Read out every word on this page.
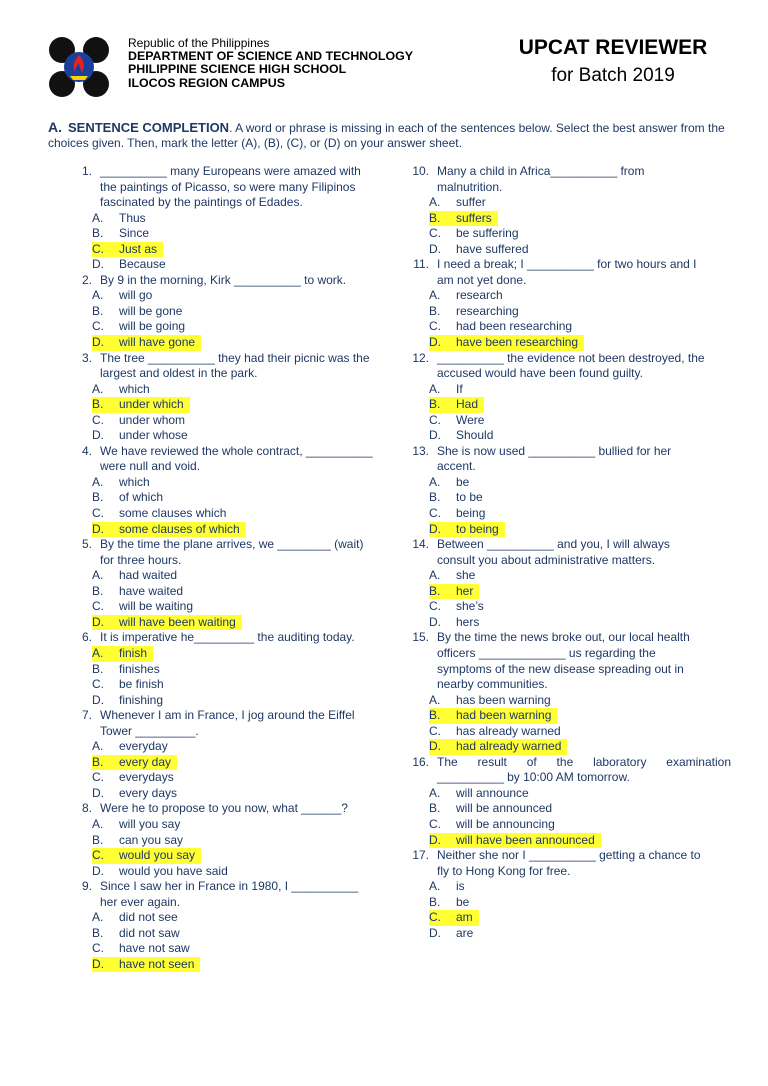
Republic of the Philippines
DEPARTMENT OF SCIENCE AND TECHNOLOGY
PHILIPPINE SCIENCE HIGH SCHOOL
ILOCOS REGION CAMPUS
UPCAT REVIEWER
for Batch 2019
A. SENTENCE COMPLETION. A word or phrase is missing in each of the sentences below. Select the best answer from the choices given. Then, mark the letter (A), (B), (C), or (D) on your answer sheet.
1. __________ many Europeans were amazed with
the paintings of Picasso, so were many Filipinos
fascinated by the paintings of Edades.
A. Thus
B. Since
C. Just as
D. Because
2. By 9 in the morning, Kirk __________ to work.
A. will go
B. will be gone
C. will be going
D. will have gone
3. The tree __________ they had their picnic was the
largest and oldest in the park.
A. which
B. under which
C. under whom
D. under whose
4. We have reviewed the whole contract, __________
were null and void.
A. which
B. of which
C. some clauses which
D. some clauses of which
5. By the time the plane arrives, we ________ (wait)
for three hours.
A. had waited
B. have waited
C. will be waiting
D. will have been waiting
6. It is imperative he_________ the auditing today.
A. finish
B. finishes
C. be finish
D. finishing
7. Whenever I am in France, I jog around the Eiffel
Tower _________.
A. everyday
B. every day
C. everydays
D. every days
8. Were he to propose to you now, what ______?
A. will you say
B. can you say
C. would you say
D. would you have said
9. Since I saw her in France in 1980, I __________
her ever again.
A. did not see
B. did not saw
C. have not saw
D. have not seen
10. Many a child in Africa__________ from
malnutrition.
A. suffer
B. suffers
C. be suffering
D. have suffered
11. I need a break; I __________ for two hours and I
am not yet done.
A. research
B. researching
C. had been researching
D. have been researching
12. __________ the evidence not been destroyed, the
accused would have been found guilty.
A. If
B. Had
C. Were
D. Should
13. She is now used __________ bullied for her
accent.
A. be
B. to be
C. being
D. to being
14. Between __________ and you, I will always
consult you about administrative matters.
A. she
B. her
C. she’s
D. hers
15. By the time the news broke out, our local health
officers _____________ us regarding the
symptoms of the new disease spreading out in
nearby communities.
A. has been warning
B. had been warning
C. has already warned
D. had already warned
16. The result of the laboratory examination
__________ by 10:00 AM tomorrow.
A. will announce
B. will be announced
C. will be announcing
D. will have been announced
17. Neither she nor I __________ getting a chance to
fly to Hong Kong for free.
A. is
B. be
C. am
D. are
